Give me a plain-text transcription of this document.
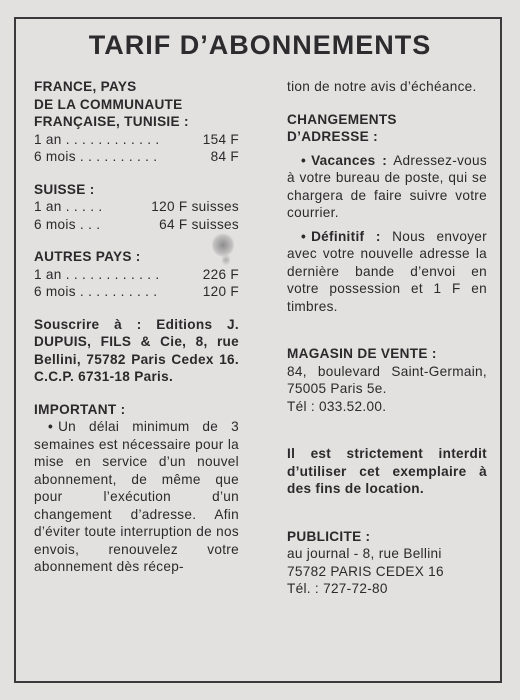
TARIF D’ABONNEMENTS
FRANCE, PAYS
DE LA COMMUNAUTE
FRANÇAISE, TUNISIE :
1 an . . . . . . . . . . . .	154 F
6 mois . . . . . . . . . .	84 F
SUISSE :
1 an . . . . .	120 F suisses
6 mois . . .	64 F suisses
AUTRES PAYS :
1 an . . . . . . . . . . . .	226 F
6 mois . . . . . . . . . .	120 F
Souscrire à : Editions J. DUPUIS, FILS & Cie, 8, rue Bellini, 75782 Paris Cedex 16. C.C.P. 6731-18 Paris.
IMPORTANT :
• Un délai minimum de 3 semaines est nécessaire pour la mise en service d’un nouvel abonnement, de même que pour l’exécution d’un changement d’adresse. Afin d’éviter toute interruption de nos envois, renouvelez votre abonnement dès récep-
tion de notre avis d’échéance.
CHANGEMENTS
D’ADRESSE :
• Vacances : Adressez-vous à votre bureau de poste, qui se chargera de faire suivre votre courrier.
• Définitif : Nous envoyer avec votre nouvelle adresse la dernière bande d’envoi en votre possession et 1 F en timbres.
MAGASIN DE VENTE :
84, boulevard Saint-Germain, 75005 Paris 5e.
Tél : 033.52.00.
Il est strictement interdit d’utiliser cet exemplaire à des fins de location.
PUBLICITE :
au journal - 8, rue Bellini
75782 PARIS CEDEX 16
Tél. : 727-72-80
